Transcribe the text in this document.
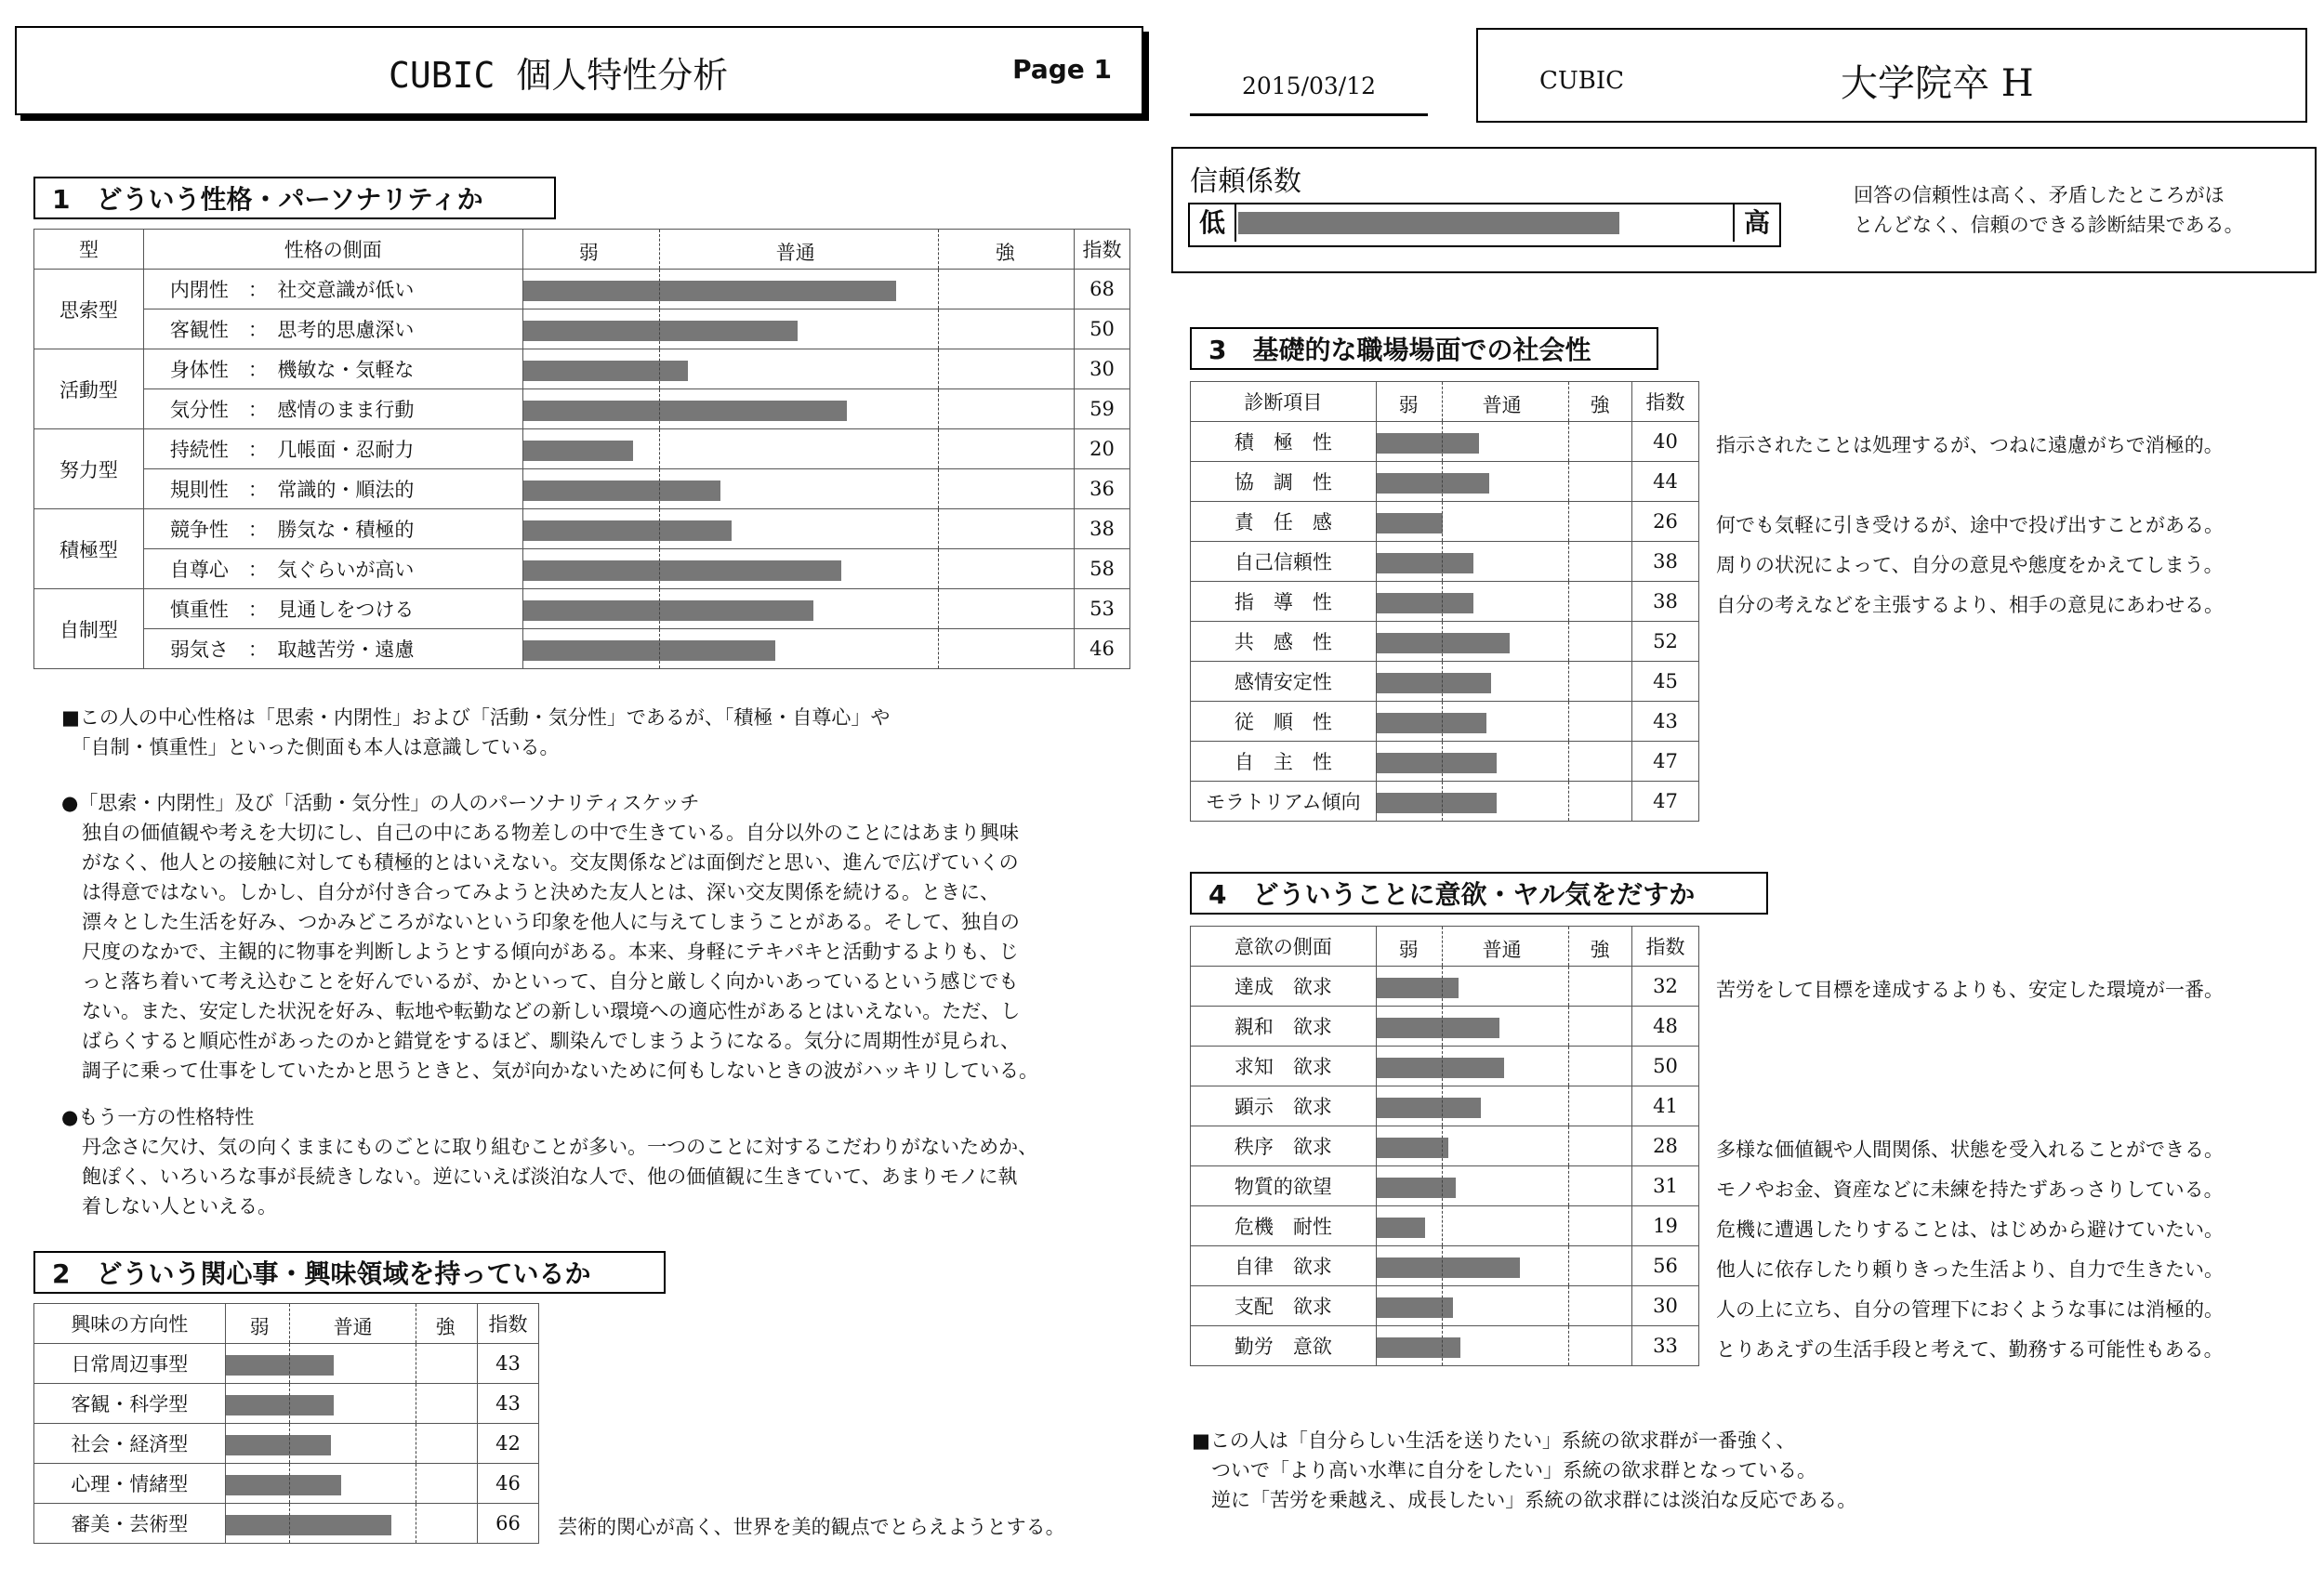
CUBIC 個人特性分析	Page 1
2015/03/12	CUBIC	大学院卒 H
1　どういう性格・パーソナリティか
型	性格の側面	弱 普通 強	指数
思索型	内閉性　：　社交意識が低い		68
	客観性　：　思考的思慮深い		50
活動型	身体性　：　機敏な・気軽な		30
	気分性　：　感情のまま行動		59
努力型	持続性　：　几帳面・忍耐力		20
	規則性　：　常識的・順法的		36
積極型	競争性　：　勝気な・積極的		38
	自尊心　：　気ぐらいが高い		58
自制型	慎重性　：　見通しをつける		53
	弱気さ　：　取越苦労・遠慮		46
■この人の中心性格は「思索・内閉性」および「活動・気分性」であるが、「積極・自尊心」や
　「自制・慎重性」といった側面も本人は意識している。
●「思索・内閉性」及び「活動・気分性」の人のパーソナリティスケッチ
独自の価値観や考えを大切にし、自己の中にある物差しの中で生きている。自分以外のことにはあまり興味
がなく、他人との接触に対しても積極的とはいえない。交友関係などは面倒だと思い、進んで広げていくの
は得意ではない。しかし、自分が付き合ってみようと決めた友人とは、深い交友関係を続ける。ときに、
漂々とした生活を好み、つかみどころがないという印象を他人に与えてしまうことがある。そして、独自の
尺度のなかで、主観的に物事を判断しようとする傾向がある。本来、身軽にテキパキと活動するよりも、じ
っと落ち着いて考え込むことを好んでいるが、かといって、自分と厳しく向かいあっているという感じでも
ない。また、安定した状況を好み、転地や転勤などの新しい環境への適応性があるとはいえない。ただ、し
ばらくすると順応性があったのかと錯覚をするほど、馴染んでしまうようになる。気分に周期性が見られ、
調子に乗って仕事をしていたかと思うときと、気が向かないために何もしないときの波がハッキリしている。
●もう一方の性格特性
丹念さに欠け、気の向くままにものごとに取り組むことが多い。一つのことに対するこだわりがないためか、
飽ぽく、いろいろな事が長続きしない。逆にいえば淡泊な人で、他の価値観に生きていて、あまりモノに執
着しない人といえる。
2　どういう関心事・興味領域を持っているか
興味の方向性	弱 普通 強	指数
日常周辺事型		43
客観・科学型		43
社会・経済型		42
心理・情緒型		46
審美・芸術型		66 芸術的関心が高く、世界を美的観点でとらえようとする。
信頼係数
低	高
回答の信頼性は高く、矛盾したところがほ
とんどなく、信頼のできる診断結果である。
3　基礎的な職場場面での社会性
診断項目	弱 普通 強	指数
積　極　性		40
協　調　性		44
責　任　感		26
自己信頼性		38
指　導　性		38
共　感　性		52
感情安定性		45
従　順　性		43
自　主　性		47
モラトリアム傾向		47
指示されたことは処理するが、つねに遠慮がちで消極的。
何でも気軽に引き受けるが、途中で投げ出すことがある。
周りの状況によって、自分の意見や態度をかえてしまう。
自分の考えなどを主張するより、相手の意見にあわせる。
4　どういうことに意欲・ヤル気をだすか
意欲の側面	弱 普通 強	指数
達成　欲求		32
親和　欲求		48
求知　欲求		50
顕示　欲求		41
秩序　欲求		28
物質的欲望		31
危機　耐性		19
自律　欲求		56
支配　欲求		30
勤労　意欲		33
苦労をして目標を達成するよりも、安定した環境が一番。
多様な価値観や人間関係、状態を受入れることができる。
モノやお金、資産などに未練を持たずあっさりしている。
危機に遭遇したりすることは、はじめから避けていたい。
他人に依存したり頼りきった生活より、自力で生きたい。
人の上に立ち、自分の管理下におくような事には消極的。
とりあえずの生活手段と考えて、勤務する可能性もある。
■この人は「自分らしい生活を送りたい」系統の欲求群が一番強く、
　ついで「より高い水準に自分をしたい」系統の欲求群となっている。
　逆に「苦労を乗越え、成長したい」系統の欲求群には淡泊な反応である。
